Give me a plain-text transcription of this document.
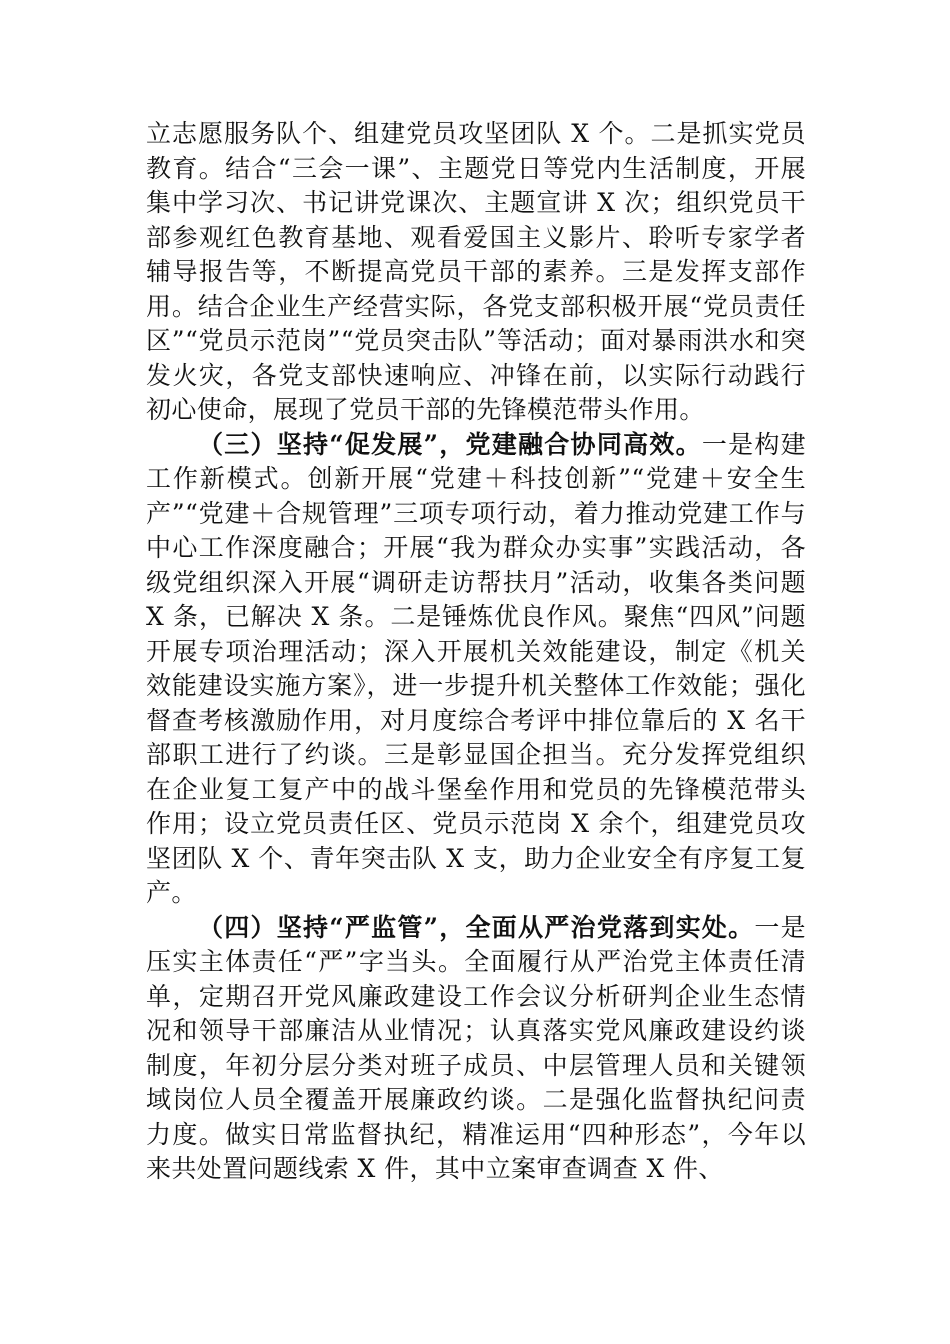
立志愿服务队个、组建党员攻坚团队 X 个。二是抓实党员教育。结合“三会一课”、主题党日等党内生活制度，开展集中学习次、书记讲党课次、主题宣讲 X 次；组织党员干部参观红色教育基地、观看爱国主义影片、聆听专家学者辅导报告等，不断提高党员干部的素养。三是发挥支部作用。结合企业生产经营实际，各党支部积极开展“党员责任区”“党员示范岗”“党员突击队”等活动；面对暴雨洪水和突发火灾，各党支部快速响应、冲锋在前，以实际行动践行初心使命，展现了党员干部的先锋模范带头作用。

（三）坚持“促发展”，党建融合协同高效。一是构建工作新模式。创新开展“党建＋科技创新”“党建＋安全生产”“党建＋合规管理”三项专项行动，着力推动党建工作与中心工作深度融合；开展“我为群众办实事”实践活动，各级党组织深入开展“调研走访帮扶月”活动，收集各类问题 X 条，已解决 X 条。二是锤炼优良作风。聚焦“四风”问题开展专项治理活动；深入开展机关效能建设，制定《机关效能建设实施方案》，进一步提升机关整体工作效能；强化督查考核激励作用，对月度综合考评中排位靠后的 X 名干部职工进行了约谈。三是彰显国企担当。充分发挥党组织在企业复工复产中的战斗堡垒作用和党员的先锋模范带头作用；设立党员责任区、党员示范岗 X 余个，组建党员攻坚团队 X 个、青年突击队 X 支，助力企业安全有序复工复产。

（四）坚持“严监管”，全面从严治党落到实处。一是压实主体责任“严”字当头。全面履行从严治党主体责任清单，定期召开党风廉政建设工作会议分析研判企业生态情况和领导干部廉洁从业情况；认真落实党风廉政建设约谈制度，年初分层分类对班子成员、中层管理人员和关键领域岗位人员全覆盖开展廉政约谈。二是强化监督执纪问责力度。做实日常监督执纪，精准运用“四种形态”，今年以来共处置问题线索 X 件，其中立案审查调查 X 件、
